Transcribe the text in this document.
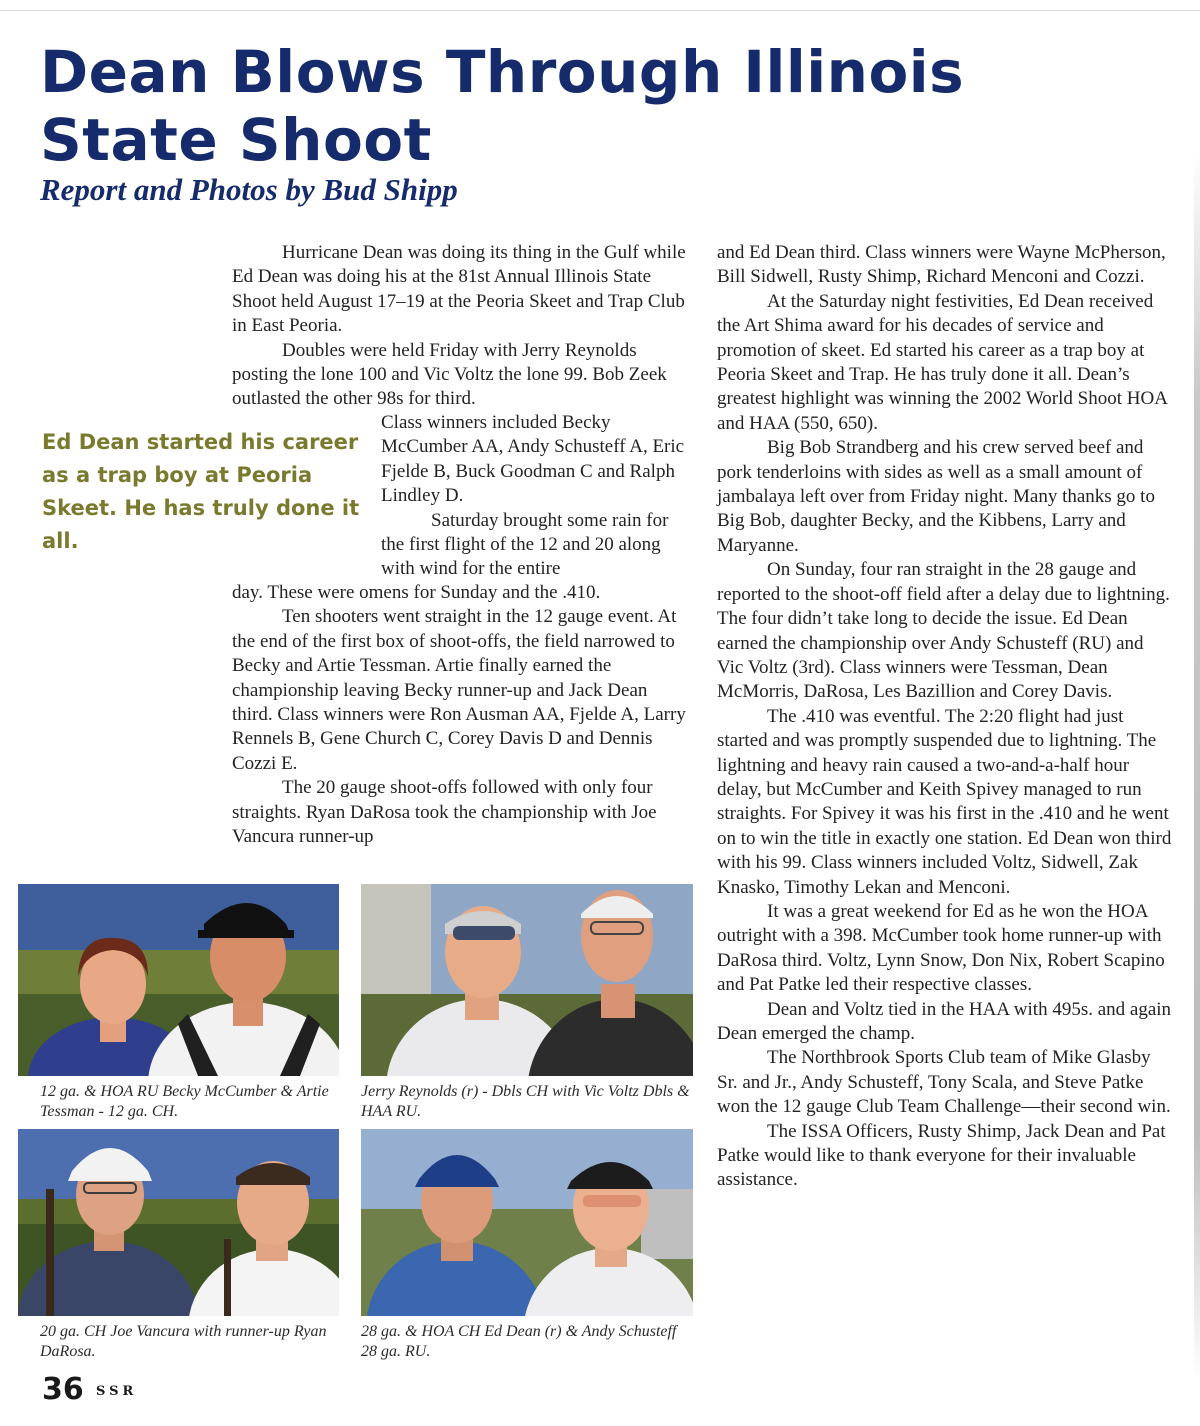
Dean Blows Through Illinois State Shoot

Report and Photos by Bud Shipp

Ed Dean started his career as a trap boy at Peoria Skeet. He has truly done it all.

Hurricane Dean was doing its thing in the Gulf while Ed Dean was doing his at the 81st Annual Illinois State Shoot held August 17–19 at the Peoria Skeet and Trap Club in East Peoria.

Doubles were held Friday with Jerry Reynolds posting the lone 100 and Vic Voltz the lone 99. Bob Zeek outlasted the other 98s for third.

Class winners included Becky McCumber AA, Andy Schusteff A, Eric Fjelde B, Buck Goodman C and Ralph Lindley D.

Saturday brought some rain for the first flight of the 12 and 20 along with wind for the entire

day. These were omens for Sunday and the .410.

Ten shooters went straight in the 12 gauge event. At the end of the first box of shoot-offs, the field narrowed to Becky and Artie Tessman. Artie finally earned the championship leaving Becky runner-up and Jack Dean third. Class winners were Ron Ausman AA, Fjelde A, Larry Rennels B, Gene Church C, Corey Davis D and Dennis Cozzi E.

The 20 gauge shoot-offs followed with only four straights. Ryan DaRosa took the championship with Joe Vancura runner-up

and Ed Dean third. Class winners were Wayne McPherson, Bill Sidwell, Rusty Shimp, Richard Menconi and Cozzi.

At the Saturday night festivities, Ed Dean received the Art Shima award for his decades of service and promotion of skeet. Ed started his career as a trap boy at Peoria Skeet and Trap. He has truly done it all. Dean’s greatest highlight was winning the 2002 World Shoot HOA and HAA (550, 650).

Big Bob Strandberg and his crew served beef and pork tenderloins with sides as well as a small amount of jambalaya left over from Friday night. Many thanks go to Big Bob, daughter Becky, and the Kibbens, Larry and Maryanne.

On Sunday, four ran straight in the 28 gauge and reported to the shoot-off field after a delay due to lightning. The four didn’t take long to decide the issue. Ed Dean earned the championship over Andy Schusteff (RU) and Vic Voltz (3rd). Class winners were Tessman, Dean McMorris, DaRosa, Les Bazillion and Corey Davis.

The .410 was eventful. The 2:20 flight had just started and was promptly suspended due to lightning. The lightning and heavy rain caused a two-and-a-half hour delay, but McCumber and Keith Spivey managed to run straights. For Spivey it was his first in the .410 and he went on to win the title in exactly one station. Ed Dean won third with his 99. Class winners included Voltz, Sidwell, Zak Knasko, Timothy Lekan and Menconi.

It was a great weekend for Ed as he won the HOA outright with a 398. McCumber took home runner-up with DaRosa third. Voltz, Lynn Snow, Don Nix, Robert Scapino and Pat Patke led their respective classes.

Dean and Voltz tied in the HAA with 495s. and again Dean emerged the champ.

The Northbrook Sports Club team of Mike Glasby Sr. and Jr., Andy Schusteff, Tony Scala, and Steve Patke won the 12 gauge Club Team Challenge—their second win.

The ISSA Officers, Rusty Shimp, Jack Dean and Pat Patke would like to thank everyone for their invaluable assistance.

12 ga. & HOA RU Becky McCumber & Artie Tessman - 12 ga. CH.

Jerry Reynolds (r) - Dbls CH with Vic Voltz Dbls & HAA RU.

20 ga. CH Joe Vancura with runner-up Ryan DaRosa.

28 ga. & HOA CH Ed Dean (r) & Andy Schusteff 28 ga. RU.

36 SSR
